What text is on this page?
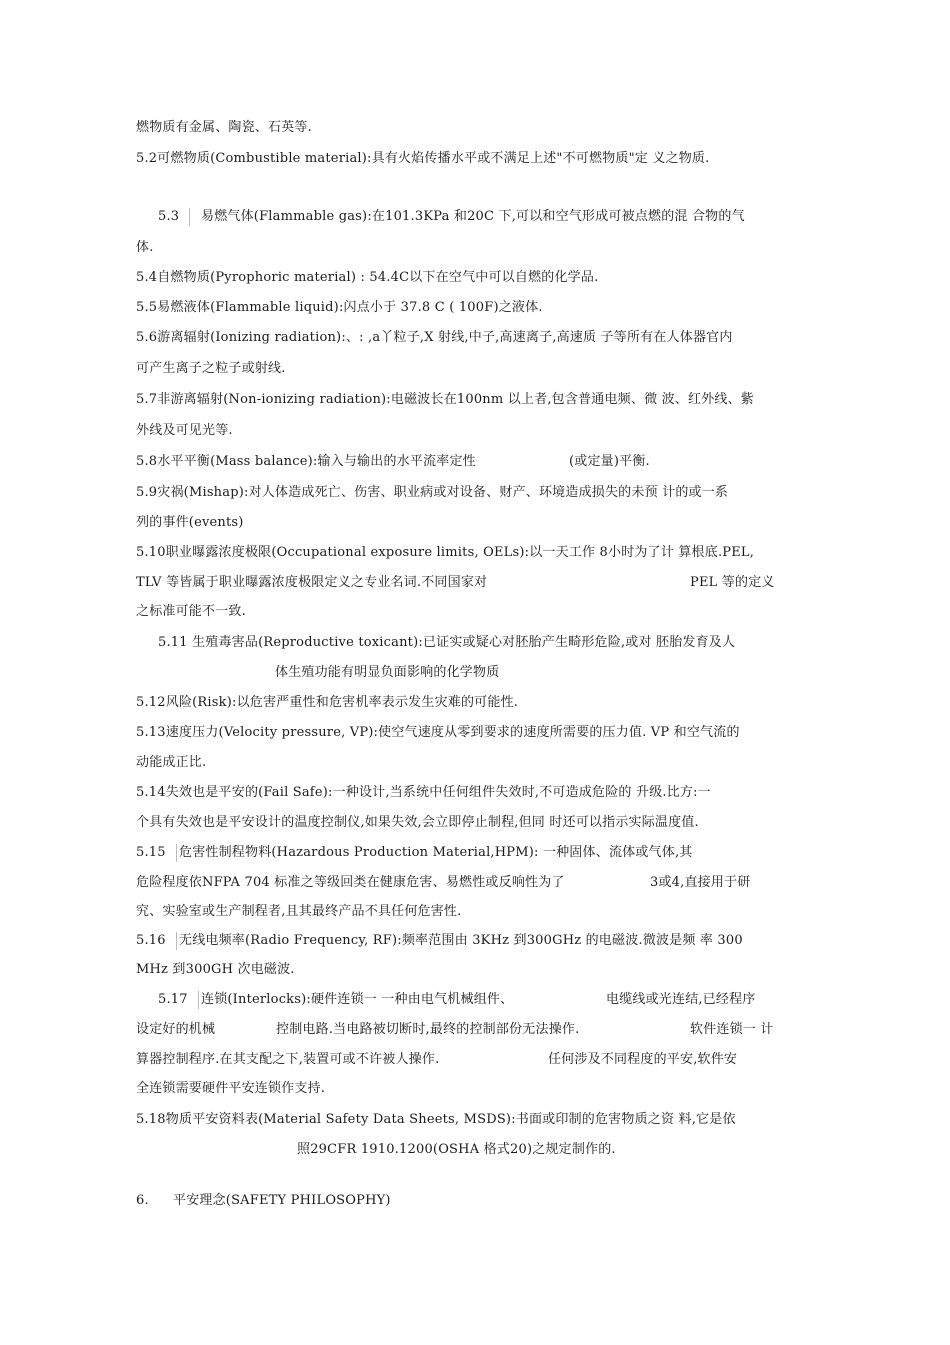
燃物质有金属、陶瓷、石英等.
5.2可燃物质(Combustible material):具有火焰传播水平或不满足上述"不可燃物质"定 义之物质.
5.3	易燃气体(Flammable gas):在101.3KPa 和20C 下,可以和空气形成可被点燃的混 合物的气
体.
5.4自燃物质(Pyrophoric material) : 54.4C以下在空气中可以自燃的化学品.
5.5易燃液体(Flammable liquid):闪点小于 37.8 C ( 100F)之液体.
5.6游离辐射(Ionizing radiation):、: ,a丫粒子,X 射线,中子,高速离子,高速质 子等所有在人体器官内
可产生离子之粒子或射线.
5.7非游离辐射(Non-ionizing radiation):电磁波长在100nm 以上者,包含普通电频、微 波、红外线、紫
外线及可见光等.
5.8水平平衡(Mass balance):输入与输出的水平流率定性	(或定量)平衡.
5.9灾祸(Mishap):对人体造成死亡、伤害、职业病或对设备、财产、环境造成损失的未预 计的或一系
列的事件(events)
5.10职业曝露浓度极限(Occupational exposure limits, OELs):以一天工作 8小时为了计 算根底.PEL,
TLV 等皆属于职业曝露浓度极限定义之专业名词.不同国家对	PEL 等的定义
之标准可能不一致.
5.11 生殖毒害品(Reproductive toxicant):已证实或疑心对胚胎产生畸形危险,或对 胚胎发育及人
体生殖功能有明显负面影响的化学物质
5.12风险(Risk):以危害严重性和危害机率表示发生灾难的可能性.
5.13速度压力(Velocity pressure, VP):使空气速度从零到要求的速度所需要的压力值. VP 和空气流的
动能成正比.
5.14失效也是平安的(Fail Safe):一种设计,当系统中任何组件失效时,不可造成危险的 升级.比方:一
个具有失效也是平安设计的温度控制仪,如果失效,会立即停止制程,但同 时还可以指示实际温度值.
5.15	危害性制程物料(Hazardous Production Material,HPM): 一种固体、流体或气体,其
危险程度依NFPA 704 标准之等级回类在健康危害、易燃性或反响性为了	3或4,直接用于研
究、实验室或生产制程者,且其最终产品不具任何危害性.
5.16	无线电频率(Radio Frequency, RF):频率范围由 3KHz 到300GHz 的电磁波.微波是频 率 300
MHz 到300GH 次电磁波.
5.17	连锁(Interlocks):硬件连锁一 一种由电气机械组件、	电缆线或光连结,已经程序
设定好的机械	控制电路.当电路被切断时,最终的控制部份无法操作.	软件连锁一 计
算器控制程序.在其支配之下,装置可或不许被人操作.	任何涉及不同程度的平安,软件安
全连锁需要硬件平安连锁作支持.
5.18物质平安资料表(Material Safety Data Sheets, MSDS):书面或印制的危害物质之资 料,它是依
照29CFR 1910.1200(OSHA 格式20)之规定制作的.
6. 平安理念(SAFETY PHILOSOPHY)
